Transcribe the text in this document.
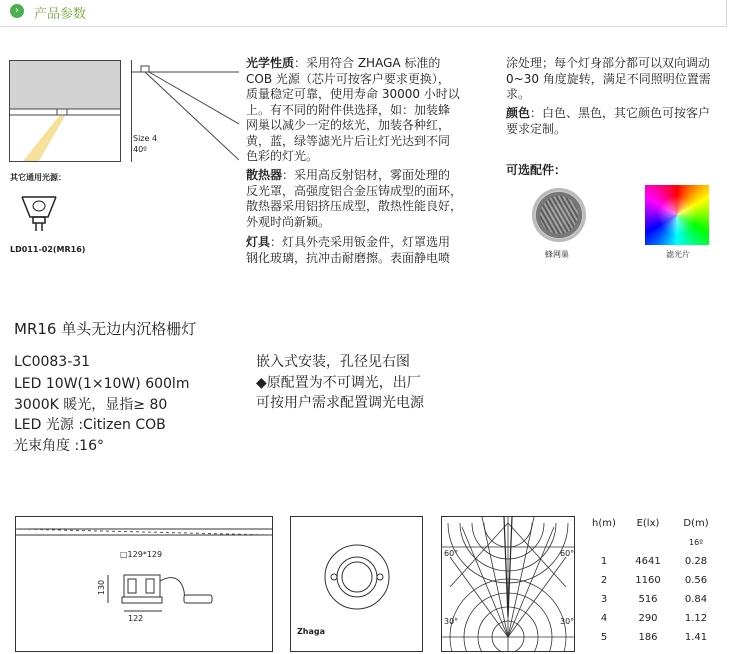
›	产品参数
Size 4
40º
其它通用光源：
LD011-02(MR16)
光学性质：采用符合 ZHAGA 标准的
COB 光源（芯片可按客户要求更换），
质量稳定可靠，使用寿命 30000 小时以
上。有不同的附件供选择，如：加装蜂
网巢以减少一定的炫光，加装各种红，
黄，蓝，绿等滤光片后让灯光达到不同
色彩的灯光。
散热器：采用高反射铝材，雾面处理的
反光罩，高强度铝合金压铸成型的面环，
散热器采用铝挤压成型，散热性能良好，
外观时尚新颖。
灯具：灯具外壳采用钣金件，灯罩选用
钢化玻璃，抗冲击耐磨擦。表面静电喷
涂处理；每个灯身部分都可以双向调动
0~30 角度旋转，满足不同照明位置需
求。
颜色：白色、黑色，其它颜色可按客户
要求定制。
可选配件：
蜂网巢	滤光片
MR16 单头无边内沉格栅灯
LC0083-31
LED 10W(1×10W) 600lm
3000K 暖光，显指≥ 80
LED 光源 :Citizen COB
光束角度 :16°
嵌入式安装，孔径见右图
◆原配置为不可调光，出厂
可按用户需求配置调光电源
□129*129
130
122
Zhaga
60°	60°
30°	30°
h(m)	E(lx)	D(m)
16º
1	4641	0.28
2	1160	0.56
3	516	0.84
4	290	1.12
5	186	1.41
